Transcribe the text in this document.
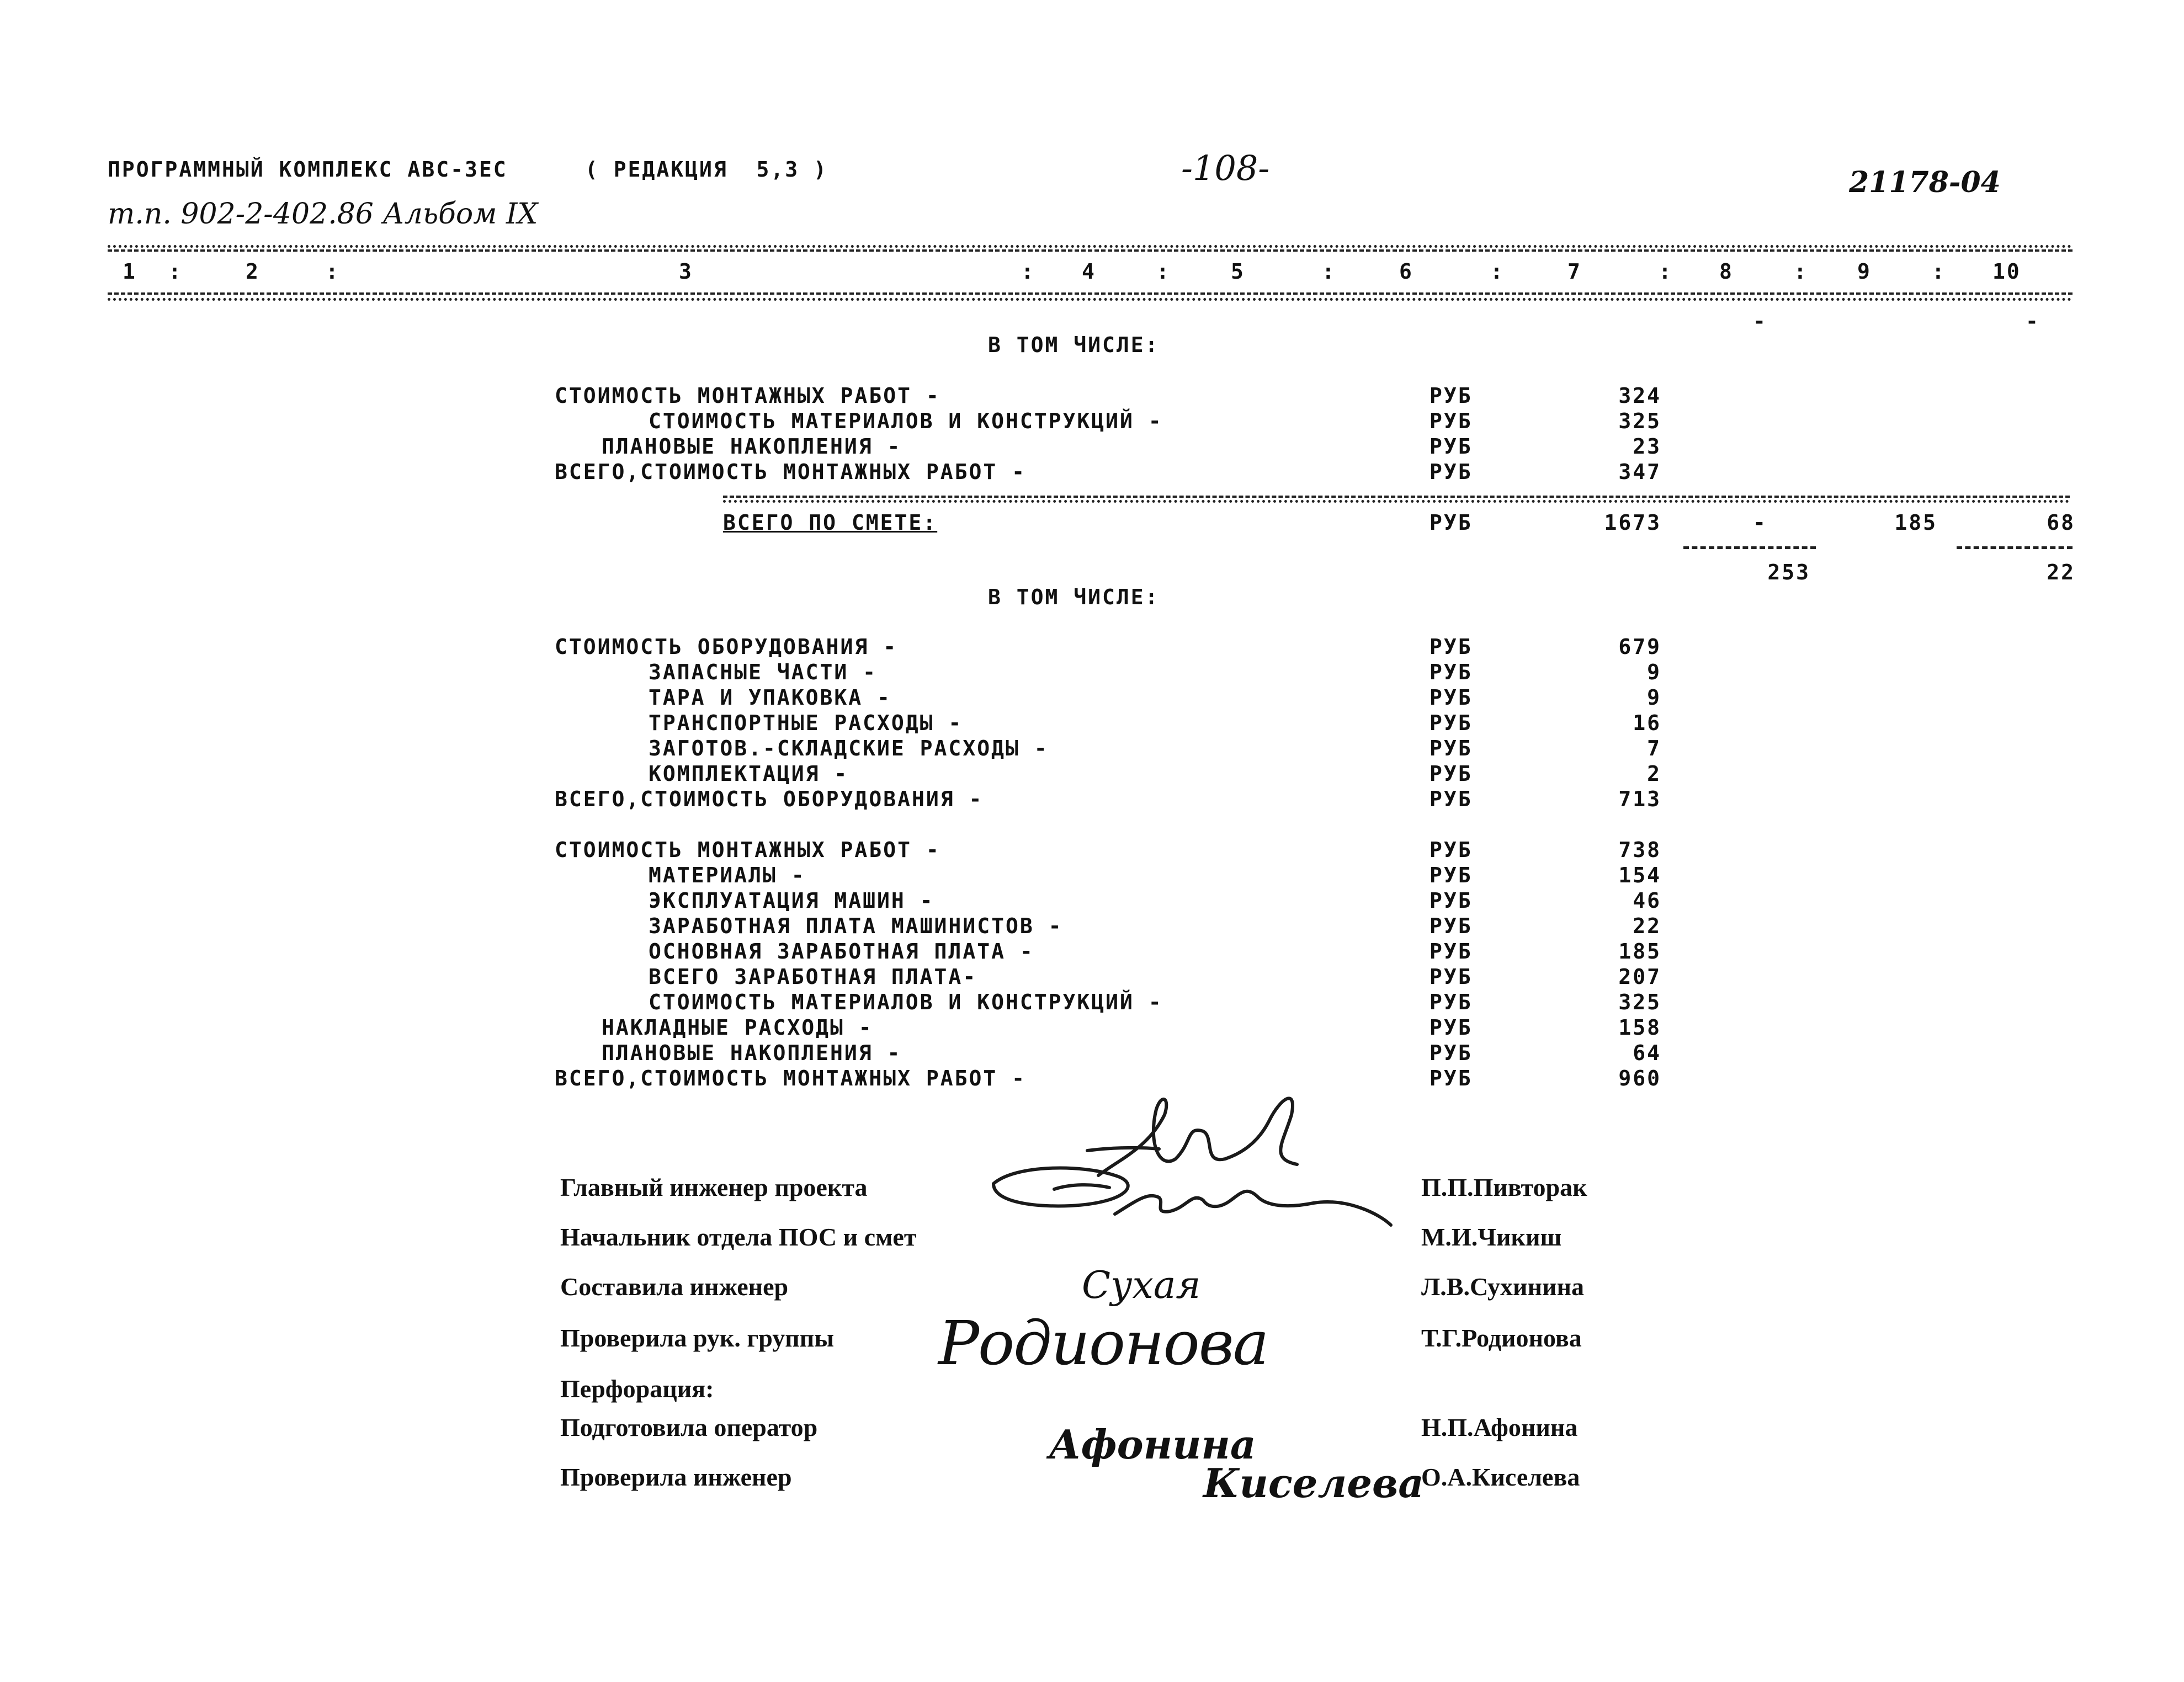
ПРОГРАММНЫЙ КОМПЛЕКС АВС-3ЕС	( РЕДАКЦИЯ  5,3 )	-108-	21178-04
т.п. 902-2-402.86 Альбом IX
1 :	2	:	3	: 4	:	5	:	6	:	7	: 8	: 9	: 10
-	-
В ТОМ ЧИСЛЕ:
СТОИМОСТЬ МОНТАЖНЫХ РАБОТ -	РУБ	324
СТОИМОСТЬ МАТЕРИАЛОВ И КОНСТРУКЦИЙ -	РУБ	325
ПЛАНОВЫЕ НАКОПЛЕНИЯ -	РУБ	23
ВСЕГО,СТОИМОСТЬ МОНТАЖНЫХ РАБОТ -	РУБ	347
ВСЕГО ПО СМЕТЕ:	РУБ	1673	-	185	68
253	22
В ТОМ ЧИСЛЕ:
СТОИМОСТЬ ОБОРУДОВАНИЯ -	РУБ	679
ЗАПАСНЫЕ ЧАСТИ -	РУБ	9
ТАРА И УПАКОВКА -	РУБ	9
ТРАНСПОРТНЫЕ РАСХОДЫ -	РУБ	16
ЗАГОТОВ.-СКЛАДСКИЕ РАСХОДЫ -	РУБ	7
КОМПЛЕКТАЦИЯ -	РУБ	2
ВСЕГО,СТОИМОСТЬ ОБОРУДОВАНИЯ -	РУБ	713
СТОИМОСТЬ МОНТАЖНЫХ РАБОТ -	РУБ	738
МАТЕРИАЛЫ -	РУБ	154
ЭКСПЛУАТАЦИЯ МАШИН -	РУБ	46
ЗАРАБОТНАЯ ПЛАТА МАШИНИСТОВ -	РУБ	22
ОСНОВНАЯ ЗАРАБОТНАЯ ПЛАТА -	РУБ	185
ВСЕГО ЗАРАБОТНАЯ ПЛАТА-	РУБ	207
СТОИМОСТЬ МАТЕРИАЛОВ И КОНСТРУКЦИЙ -	РУБ	325
НАКЛАДНЫЕ РАСХОДЫ -	РУБ	158
ПЛАНОВЫЕ НАКОПЛЕНИЯ -	РУБ	64
ВСЕГО,СТОИМОСТЬ МОНТАЖНЫХ РАБОТ -	РУБ	960
Главный инженер проекта	П.П.Пивторак
Начальник отдела ПОС и смет	М.И.Чикиш
Составила инженер	Л.В.Сухинина
Проверила рук. группы	Т.Г.Родионова
Перфорация:
Подготовила оператор	Н.П.Афонина
Проверила инженер	О.А.Киселева
Сухая
Родионова
Афонина
Киселева
